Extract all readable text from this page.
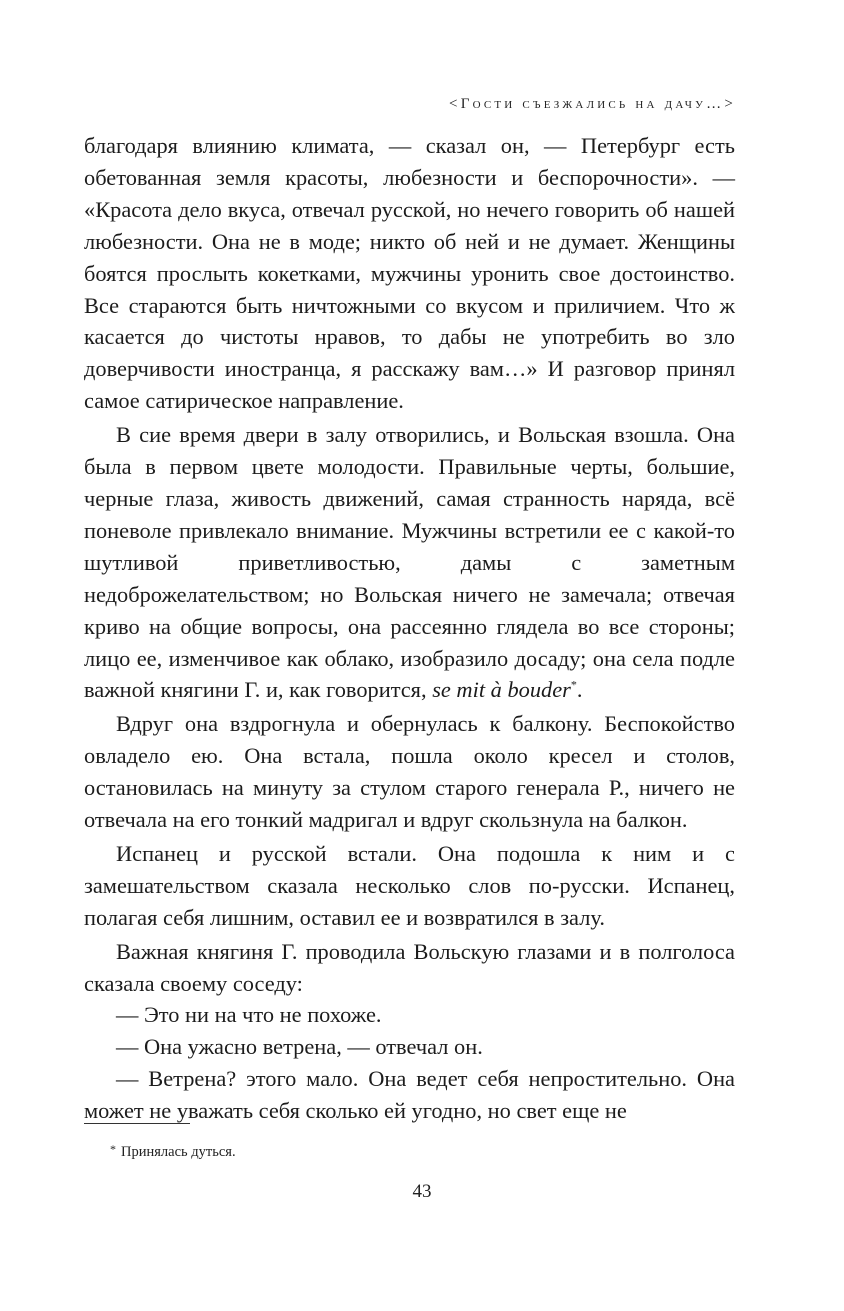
<Гости съезжались на дачу…>

благодаря влиянию климата, — сказал он, — Петербург есть обетованная земля красоты, любезности и беспорочности». — «Красота дело вкуса, отвечал русской, но нечего говорить об нашей любезности. Она не в моде; никто об ней и не думает. Женщины боятся прослыть кокетками, мужчины уронить свое достоинство. Все стараются быть ничтожными со вкусом и приличием. Что ж касается до чистоты нравов, то дабы не употребить во зло доверчивости иностранца, я расскажу вам…» И разговор принял самое сатирическое направление.

В сие время двери в залу отворились, и Вольская взошла. Она была в первом цвете молодости. Правильные черты, большие, черные глаза, живость движений, самая странность наряда, всё поневоле привлекало внимание. Мужчины встретили ее с какой-то шутливой приветливостью, дамы с заметным недоброжелательством; но Вольская ничего не замечала; отвечая криво на общие вопросы, она рассеянно глядела во все стороны; лицо ее, изменчивое как облако, изобразило досаду; она села подле важной княгини Г. и, как говорится, se mit à bouder*.

Вдруг она вздрогнула и обернулась к балкону. Беспокойство овладело ею. Она встала, пошла около кресел и столов, остановилась на минуту за стулом старого генерала Р., ничего не отвечала на его тонкий мадригал и вдруг скользнула на балкон.

Испанец и русской встали. Она подошла к ним и с замешательством сказала несколько слов по-русски. Испанец, полагая себя лишним, оставил ее и возвратился в залу.

Важная княгиня Г. проводила Вольскую глазами и в полголоса сказала своему соседу:

— Это ни на что не похоже.

— Она ужасно ветрена, — отвечал он.

— Ветрена? этого мало. Она ведет себя непростительно. Она может не уважать себя сколько ей угодно, но свет еще не

* Принялась дуться.
43
